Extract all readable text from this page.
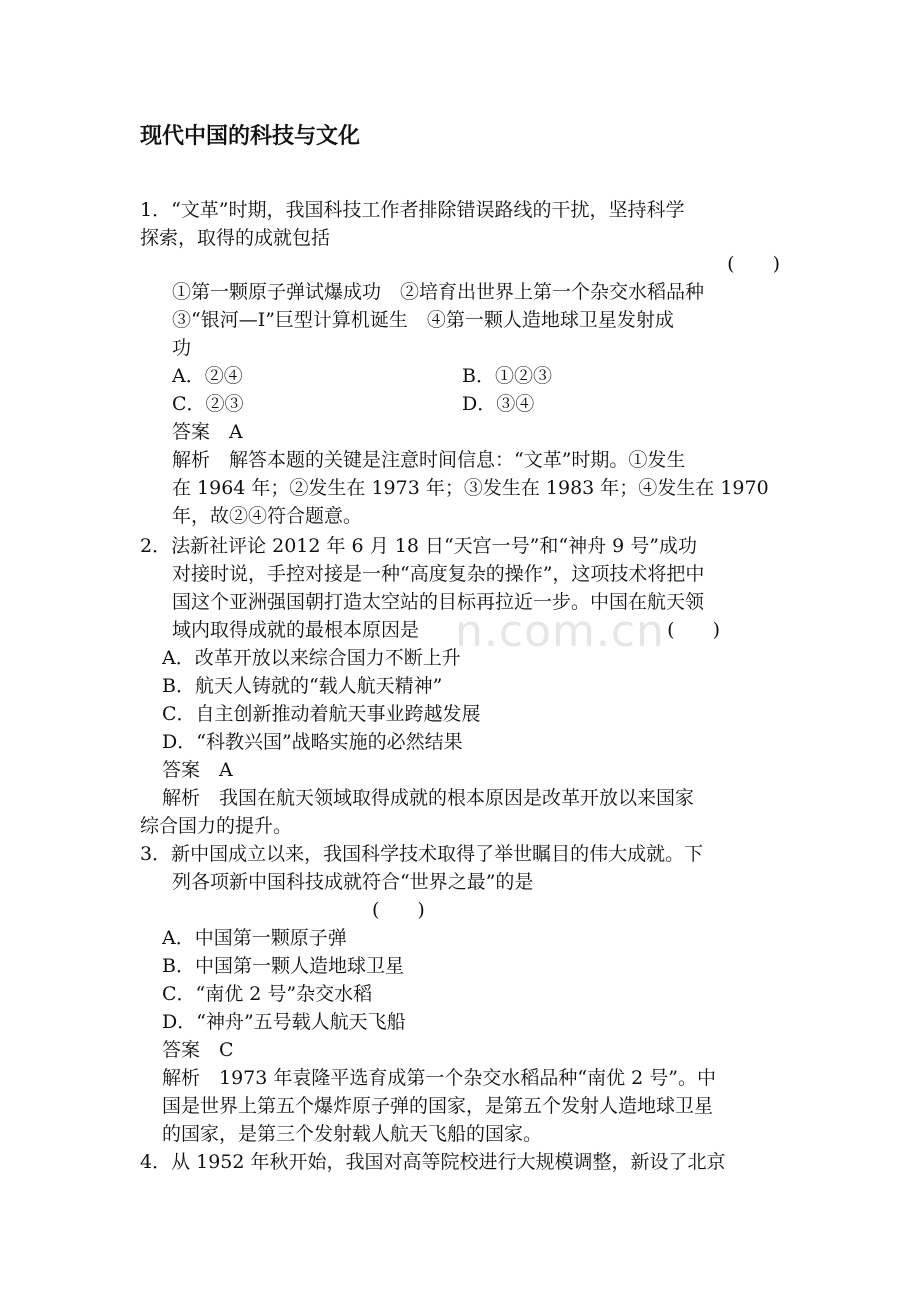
n.com.cn
现代中国的科技与文化
1．“文革”时期，我国科技工作者排除错误路线的干扰，坚持科学
探索，取得的成就包括
(　　)
①第一颗原子弹试爆成功　②培育出世界上第一个杂交水稻品种
③“银河—Ⅰ”巨型计算机诞生　④第一颗人造地球卫星发射成
功
A．②④	B．①②③
C．②③	D．③④
答案　A
解析　解答本题的关键是注意时间信息：“文革”时期。①发生
在 1964 年；②发生在 1973 年；③发生在 1983 年；④发生在 1970
年，故②④符合题意。
2．法新社评论 2012 年 6 月 18 日“天宫一号”和“神舟 9 号”成功
对接时说，手控对接是一种“高度复杂的操作”，这项技术将把中
国这个亚洲强国朝打造太空站的目标再拉近一步。中国在航天领
域内取得成就的最根本原因是	(　　)
A．改革开放以来综合国力不断上升
B．航天人铸就的“载人航天精神”
C．自主创新推动着航天事业跨越发展
D．“科教兴国”战略实施的必然结果
答案　A
解析　我国在航天领域取得成就的根本原因是改革开放以来国家
综合国力的提升。
3．新中国成立以来，我国科学技术取得了举世瞩目的伟大成就。下
列各项新中国科技成就符合“世界之最”的是
(　　)
A．中国第一颗原子弹
B．中国第一颗人造地球卫星
C．“南优 2 号”杂交水稻
D．“神舟”五号载人航天飞船
答案　C
解析　1973 年袁隆平选育成第一个杂交水稻品种“南优 2 号”。中
国是世界上第五个爆炸原子弹的国家，是第五个发射人造地球卫星
的国家，是第三个发射载人航天飞船的国家。
4．从 1952 年秋开始，我国对高等院校进行大规模调整，新设了北京
